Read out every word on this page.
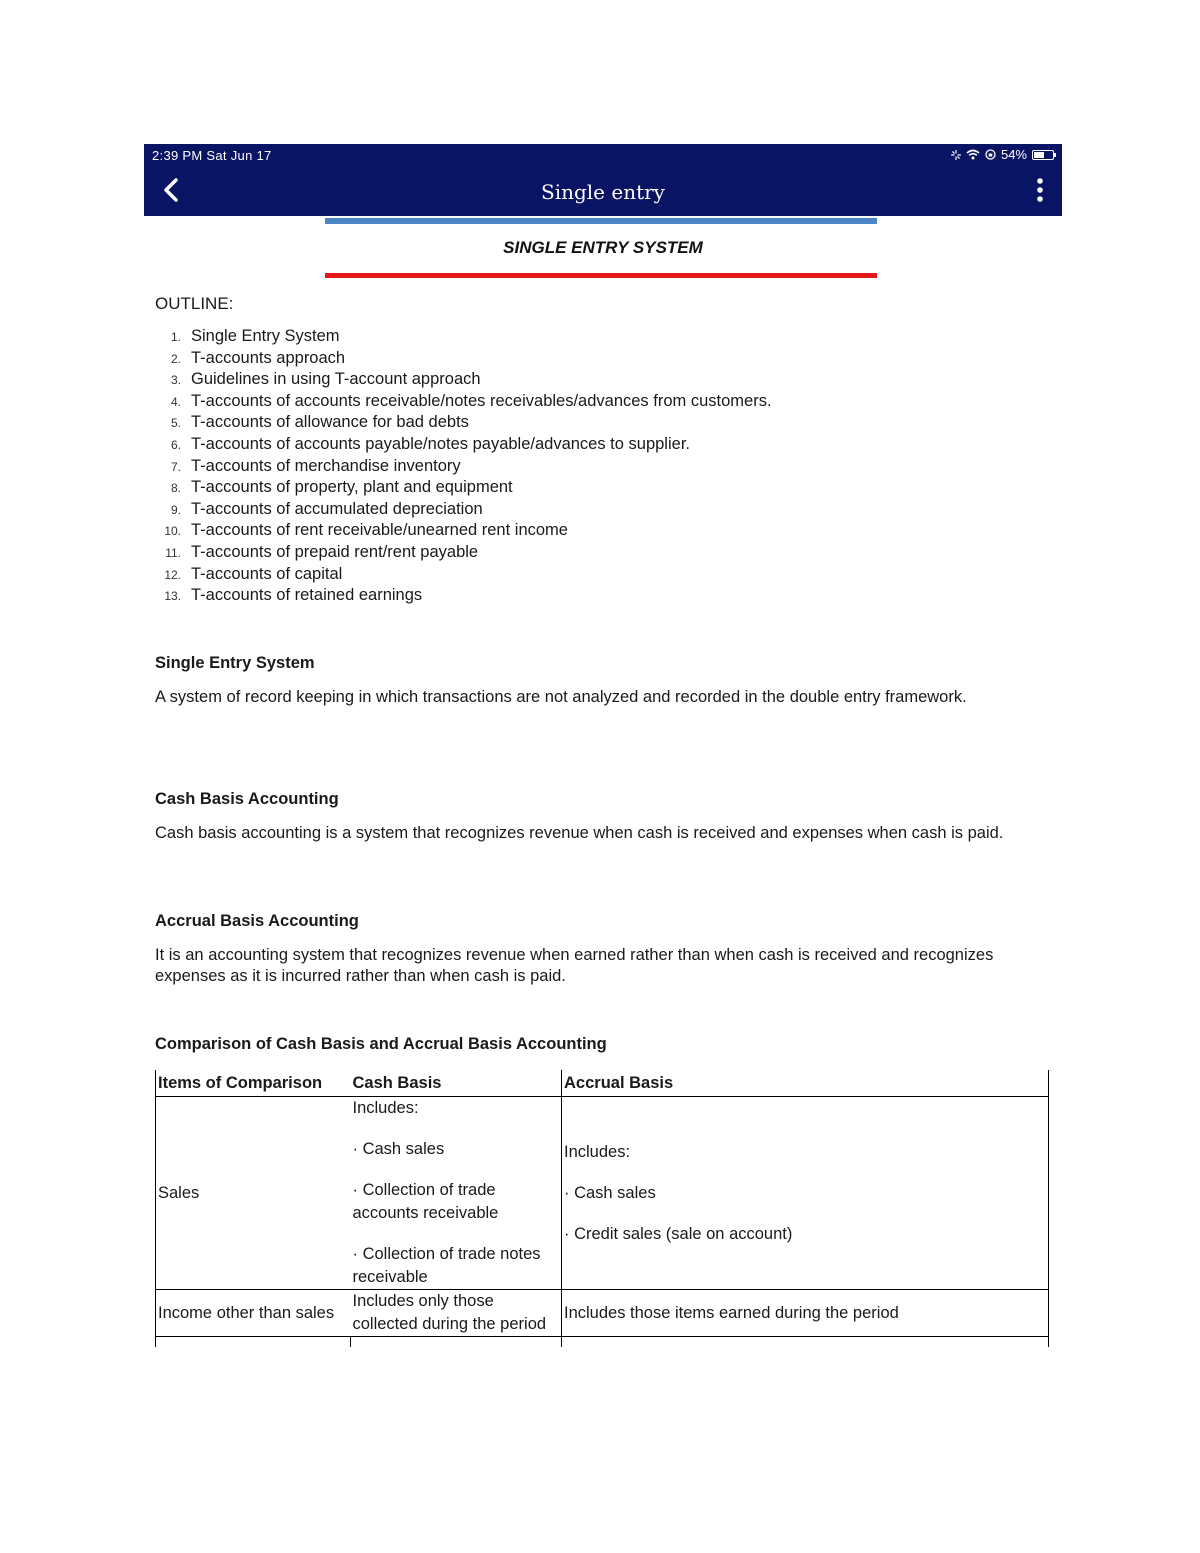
2:39 PM Sat Jun 17	54%
Single entry
SINGLE ENTRY SYSTEM
OUTLINE:
1. Single Entry System
2. T-accounts approach
3. Guidelines in using T-account approach
4. T-accounts of accounts receivable/notes receivables/advances from customers.
5. T-accounts of allowance for bad debts
6. T-accounts of accounts payable/notes payable/advances to supplier.
7. T-accounts of merchandise inventory
8. T-accounts of property, plant and equipment
9. T-accounts of accumulated depreciation
10. T-accounts of rent receivable/unearned rent income
11. T-accounts of prepaid rent/rent payable
12. T-accounts of capital
13. T-accounts of retained earnings
Single Entry System
A system of record keeping in which transactions are not analyzed and recorded in the double entry framework.
Cash Basis Accounting
Cash basis accounting is a system that recognizes revenue when cash is received and expenses when cash is paid.
Accrual Basis Accounting
It is an accounting system that recognizes revenue when earned rather than when cash is received and recognizes expenses as it is incurred rather than when cash is paid.
Comparison of Cash Basis and Accrual Basis Accounting
Items of Comparison	Cash Basis	Accrual Basis
Sales	Includes:
· Cash sales
· Collection of trade accounts receivable
· Collection of trade notes receivable	Includes:
· Cash sales
· Credit sales (sale on account)

Income other than sales	Includes only those collected during the period	Includes those items earned during the period
